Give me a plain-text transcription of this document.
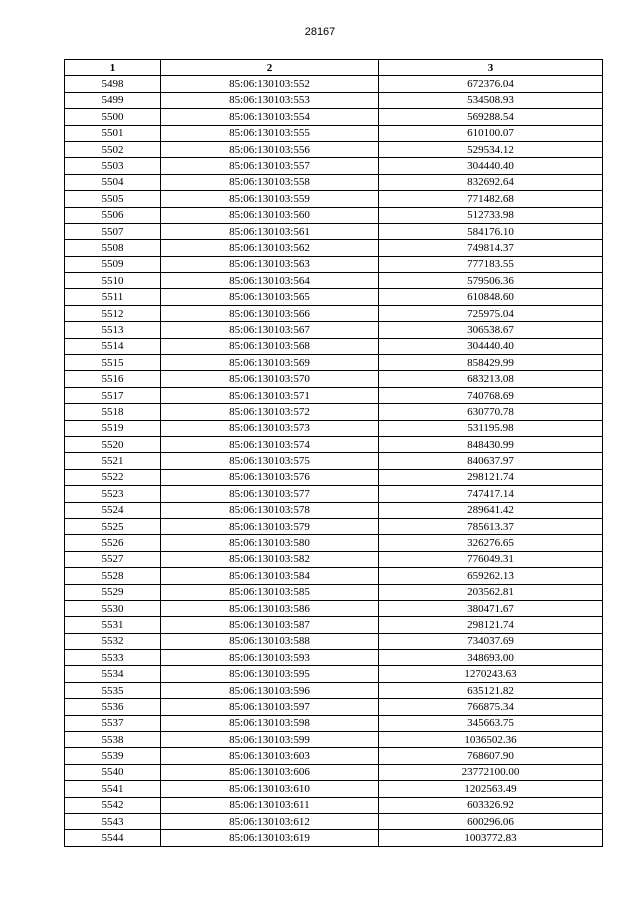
28167
1	2	3
5498	85:06:130103:552	672376.04
5499	85:06:130103:553	534508.93
5500	85:06:130103:554	569288.54
5501	85:06:130103:555	610100.07
5502	85:06:130103:556	529534.12
5503	85:06:130103:557	304440.40
5504	85:06:130103:558	832692.64
5505	85:06:130103:559	771482.68
5506	85:06:130103:560	512733.98
5507	85:06:130103:561	584176.10
5508	85:06:130103:562	749814.37
5509	85:06:130103:563	777183.55
5510	85:06:130103:564	579506.36
5511	85:06:130103:565	610848.60
5512	85:06:130103:566	725975.04
5513	85:06:130103:567	306538.67
5514	85:06:130103:568	304440.40
5515	85:06:130103:569	858429.99
5516	85:06:130103:570	683213.08
5517	85:06:130103:571	740768.69
5518	85:06:130103:572	630770.78
5519	85:06:130103:573	531195.98
5520	85:06:130103:574	848430.99
5521	85:06:130103:575	840637.97
5522	85:06:130103:576	298121.74
5523	85:06:130103:577	747417.14
5524	85:06:130103:578	289641.42
5525	85:06:130103:579	785613.37
5526	85:06:130103:580	326276.65
5527	85:06:130103:582	776049.31
5528	85:06:130103:584	659262.13
5529	85:06:130103:585	203562.81
5530	85:06:130103:586	380471.67
5531	85:06:130103:587	298121.74
5532	85:06:130103:588	734037.69
5533	85:06:130103:593	348693.00
5534	85:06:130103:595	1270243.63
5535	85:06:130103:596	635121.82
5536	85:06:130103:597	766875.34
5537	85:06:130103:598	345663.75
5538	85:06:130103:599	1036502.36
5539	85:06:130103:603	768607.90
5540	85:06:130103:606	23772100.00
5541	85:06:130103:610	1202563.49
5542	85:06:130103:611	603326.92
5543	85:06:130103:612	600296.06
5544	85:06:130103:619	1003772.83
